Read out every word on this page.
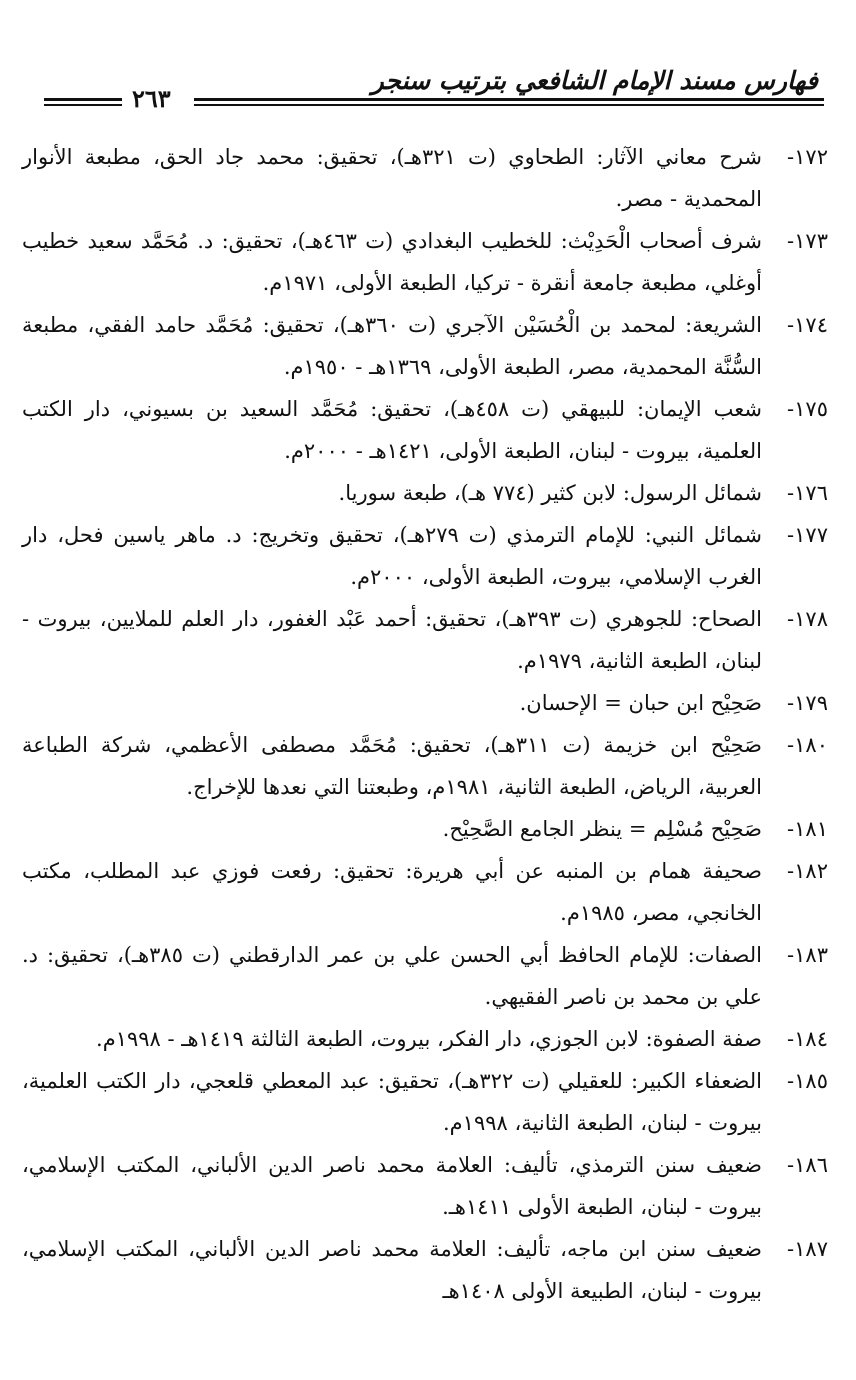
فهارس مسند الإمام الشافعي بترتيب سنجر
٢٦٣
١٧٢-
شرح معاني الآثار: الطحاوي (ت ٣٢١هـ)، تحقيق: محمد جاد الحق، مطبعة الأنوار المحمدية - مصر.
١٧٣-
شرف أصحاب الْحَدِيْث: للخطيب البغدادي (ت ٤٦٣هـ)، تحقيق: د. مُحَمَّد سعيد خطيب أوغلي، مطبعة جامعة أنقرة - تركيا، الطبعة الأولى، ١٩٧١م.
١٧٤-
الشريعة: لمحمد بن الْحُسَيْن الآجري (ت ٣٦٠هـ)، تحقيق: مُحَمَّد حامد الفقي، مطبعة السُّنَّة المحمدية، مصر، الطبعة الأولى، ١٣٦٩هـ - ١٩٥٠م.
١٧٥-
شعب الإيمان: للبيهقي (ت ٤٥٨هـ)، تحقيق: مُحَمَّد السعيد بن بسيوني، دار الكتب العلمية، بيروت - لبنان، الطبعة الأولى، ١٤٢١هـ - ٢٠٠٠م.
١٧٦-
شمائل الرسول: لابن كثير (٧٧٤ هـ)، طبعة سوريا.
١٧٧-
شمائل النبي: للإمام الترمذي (ت ٢٧٩هـ)، تحقيق وتخريج: د. ماهر ياسين فحل، دار الغرب الإسلامي، بيروت، الطبعة الأولى، ٢٠٠٠م.
١٧٨-
الصحاح: للجوهري (ت ٣٩٣هـ)، تحقيق: أحمد عَبْد الغفور، دار العلم للملايين، بيروت - لبنان، الطبعة الثانية، ١٩٧٩م.
١٧٩-
صَحِيْح ابن حبان = الإحسان.
١٨٠-
صَحِيْح ابن خزيمة (ت ٣١١هـ)، تحقيق: مُحَمَّد مصطفى الأعظمي، شركة الطباعة العربية، الرياض، الطبعة الثانية، ١٩٨١م، وطبعتنا التي نعدها للإخراج.
١٨١-
صَحِيْح مُسْلِم = ينظر الجامع الصَّحِيْح.
١٨٢-
صحيفة همام بن المنبه عن أبي هريرة: تحقيق: رفعت فوزي عبد المطلب، مكتب الخانجي، مصر، ١٩٨٥م.
١٨٣-
الصفات: للإمام الحافظ أبي الحسن علي بن عمر الدارقطني (ت ٣٨٥هـ)، تحقيق: د. علي بن محمد بن ناصر الفقيهي.
١٨٤-
صفة الصفوة: لابن الجوزي، دار الفكر، بيروت، الطبعة الثالثة ١٤١٩هـ - ١٩٩٨م.
١٨٥-
الضعفاء الكبير: للعقيلي (ت ٣٢٢هـ)، تحقيق: عبد المعطي قلعجي، دار الكتب العلمية، بيروت - لبنان، الطبعة الثانية، ١٩٩٨م.
١٨٦-
ضعيف سنن الترمذي، تأليف: العلامة محمد ناصر الدين الألباني، المكتب الإسلامي، بيروت - لبنان، الطبعة الأولى ١٤١١هـ.
١٨٧-
ضعيف سنن ابن ماجه، تأليف: العلامة محمد ناصر الدين الألباني، المكتب الإسلامي، بيروت - لبنان، الطبيعة الأولى ١٤٠٨هـ
